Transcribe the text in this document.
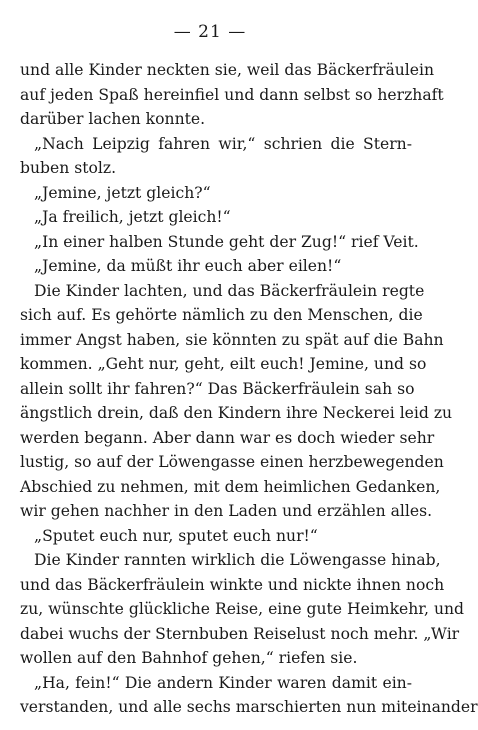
— 21 —
und alle Kinder neckten sie, weil das Bäckerfräulein
auf jeden Spaß hereinfiel und dann selbst so herzhaft
darüber lachen konnte.
„Nach Leipzig fahren wir,“ schrien die Stern-
buben stolz.
„Jemine, jetzt gleich?“
„Ja freilich, jetzt gleich!“
„In einer halben Stunde geht der Zug!“ rief Veit.
„Jemine, da müßt ihr euch aber eilen!“
Die Kinder lachten, und das Bäckerfräulein regte
sich auf. Es gehörte nämlich zu den Menschen, die
immer Angst haben, sie könnten zu spät auf die Bahn
kommen. „Geht nur, geht, eilt euch! Jemine, und so
allein sollt ihr fahren?“ Das Bäckerfräulein sah so
ängstlich drein, daß den Kindern ihre Neckerei leid zu
werden begann. Aber dann war es doch wieder sehr
lustig, so auf der Löwengasse einen herzbewegenden
Abschied zu nehmen, mit dem heimlichen Gedanken,
wir gehen nachher in den Laden und erzählen alles.
„Sputet euch nur, sputet euch nur!“
Die Kinder rannten wirklich die Löwengasse hinab,
und das Bäckerfräulein winkte und nickte ihnen noch
zu, wünschte glückliche Reise, eine gute Heimkehr, und
dabei wuchs der Sternbuben Reiselust noch mehr. „Wir
wollen auf den Bahnhof gehen,“ riefen sie.
„Ha, fein!“ Die andern Kinder waren damit ein-
verstanden, und alle sechs marschierten nun miteinander
